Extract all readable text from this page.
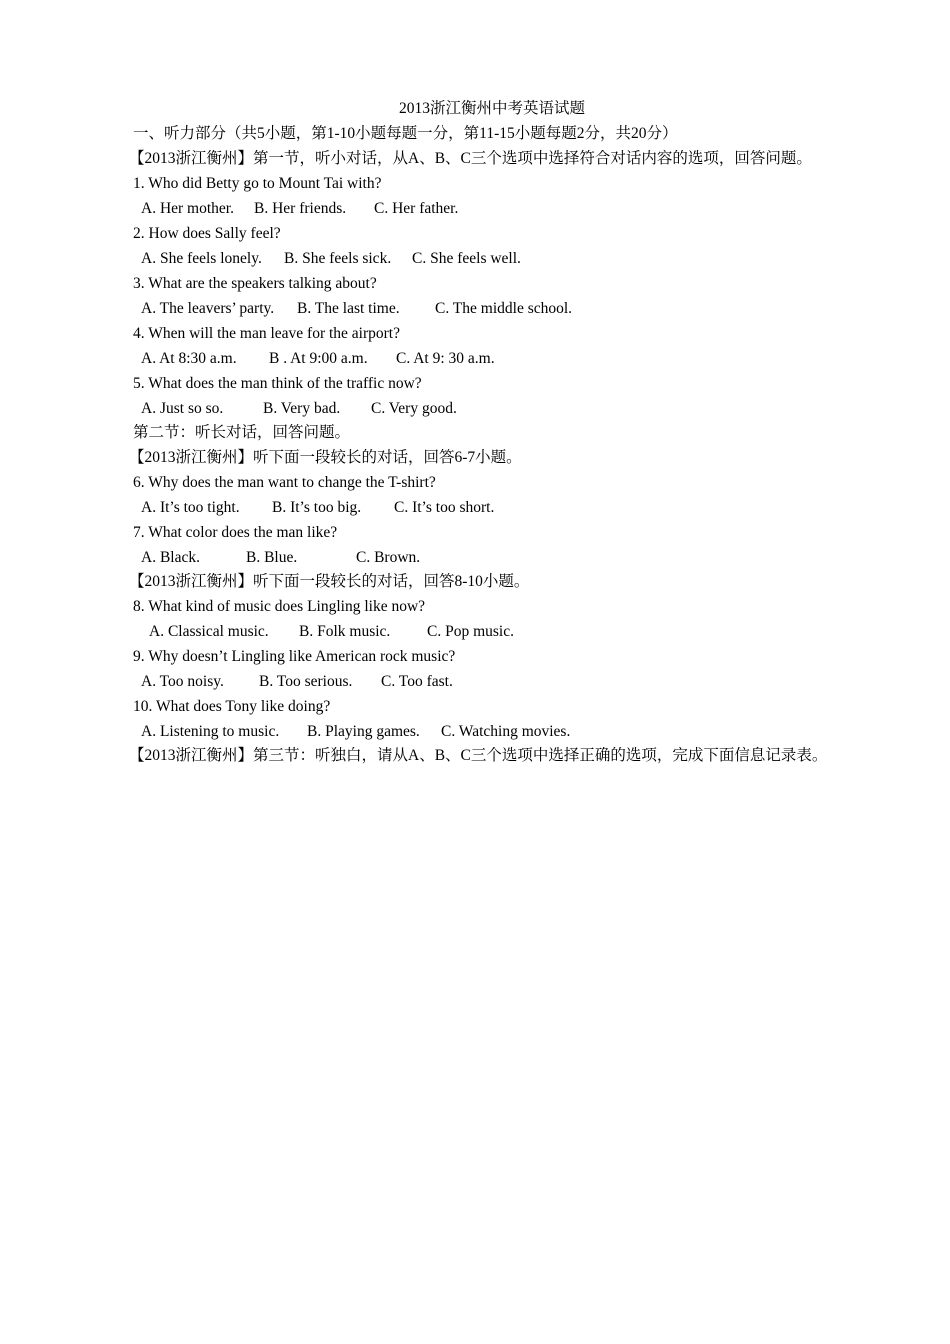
2013浙江衡州中考英语试题
一、听力部分（共5小题，第1-10小题每题一分，第11-15小题每题2分，共20分）
【2013浙江衡州】第一节，听小对话，从A、B、C三个选项中选择符合对话内容的选项，回答问题。
1. Who did Betty go to Mount Tai with?
A. Her mother. B. Her friends. C. Her father.
2. How does Sally feel?
A. She feels lonely. B. She feels sick. C. She feels well.
3. What are the speakers talking about?
A. The leavers’ party. B. The last time. C. The middle school.
4. When will the man leave for the airport?
A. At 8:30 a.m. B . At 9:00 a.m. C. At 9: 30 a.m.
5. What does the man think of the traffic now?
A. Just so so.	B. Very bad. C. Very good.
第二节：听长对话，回答问题。
【2013浙江衡州】听下面一段较长的对话，回答6-7小题。
6. Why does the man want to change the T-shirt?
A. It’s too tight. B. It’s too big. C. It’s too short.
7. What color does the man like?
A. Black.	B. Blue.	C. Brown.
【2013浙江衡州】听下面一段较长的对话，回答8-10小题。
8. What kind of music does Lingling like now?
A. Classical music. B. Folk music. C. Pop music.
9. Why doesn’t Lingling like American rock music?
A. Too noisy. B. Too serious. C. Too fast.
10. What does Tony like doing?
A. Listening to music. B. Playing games. C. Watching movies.
【2013浙江衡州】第三节：听独白，请从A、B、C三个选项中选择正确的选项，完成下面信息记录表。
